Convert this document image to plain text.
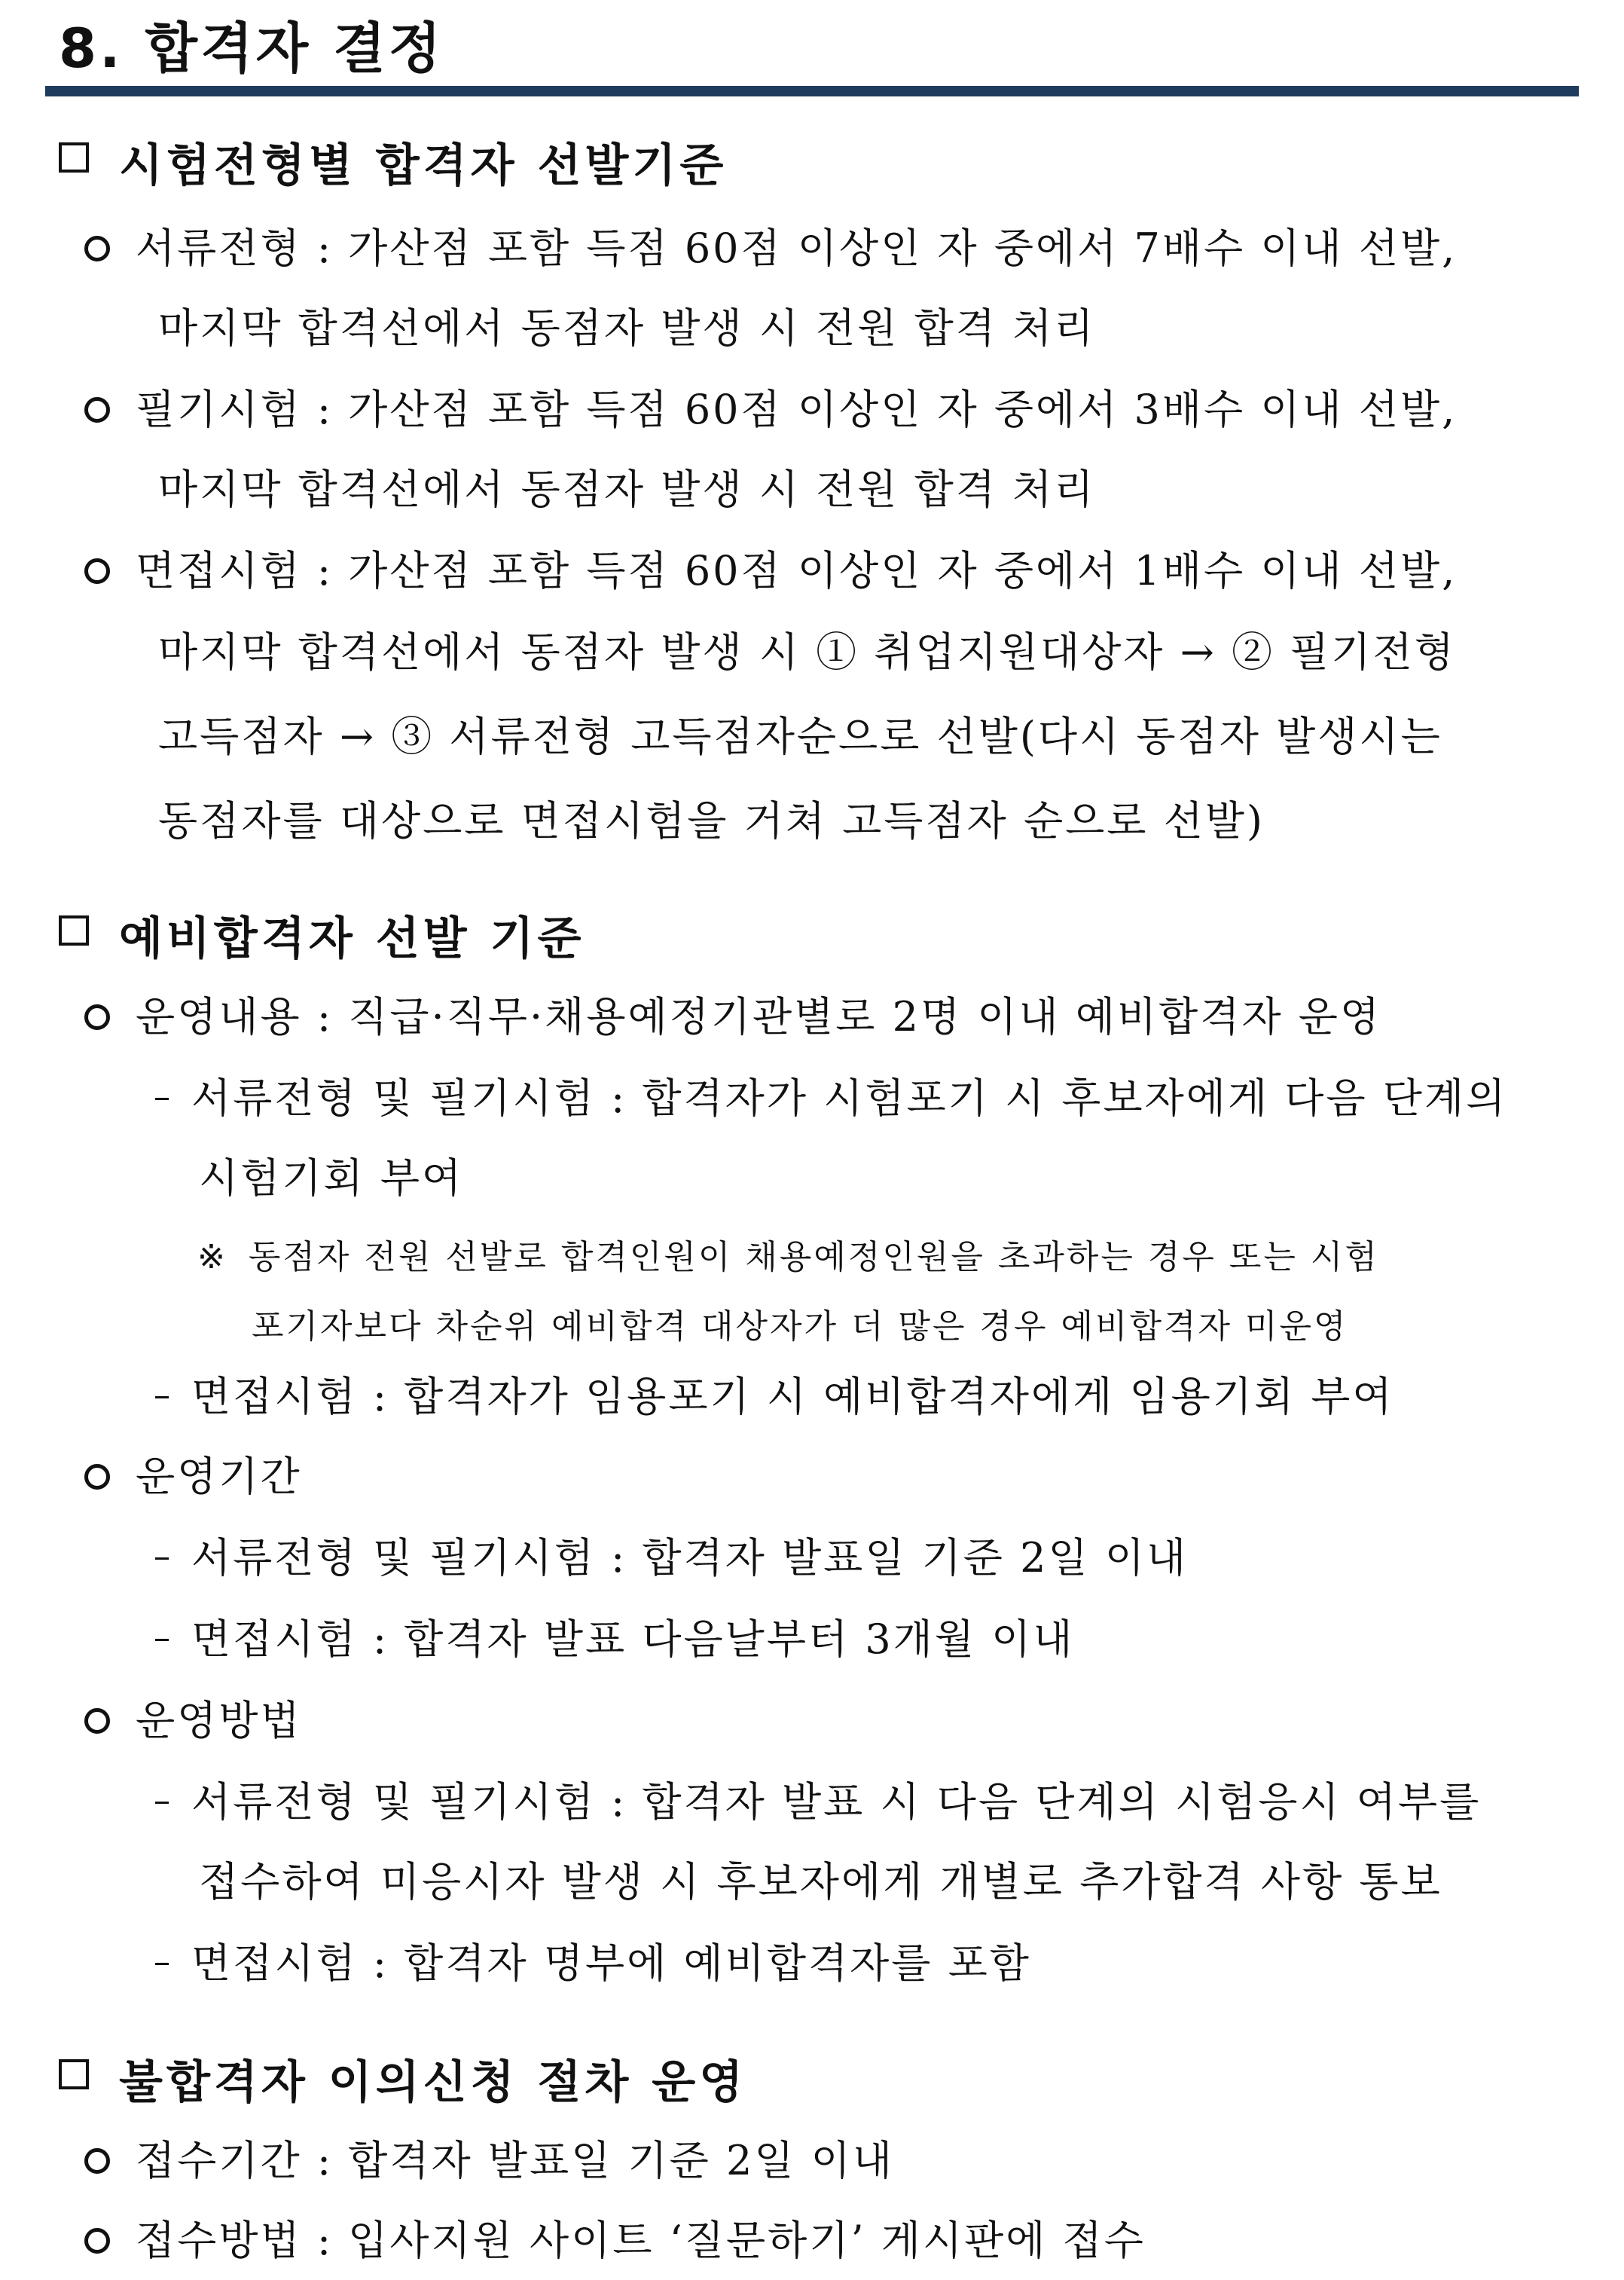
8. 합격자 결정
시험전형별 합격자 선발기준
서류전형 : 가산점 포함 득점 60점 이상인 자 중에서 7배수 이내 선발,
마지막 합격선에서 동점자 발생 시 전원 합격 처리
필기시험 : 가산점 포함 득점 60점 이상인 자 중에서 3배수 이내 선발,
마지막 합격선에서 동점자 발생 시 전원 합격 처리
면접시험 : 가산점 포함 득점 60점 이상인 자 중에서 1배수 이내 선발,
마지막 합격선에서 동점자 발생 시 ① 취업지원대상자 → ② 필기전형
고득점자 → ③ 서류전형 고득점자순으로 선발(다시 동점자 발생시는
동점자를 대상으로 면접시험을 거쳐 고득점자 순으로 선발)
예비합격자 선발 기준
운영내용 : 직급·직무·채용예정기관별로 2명 이내 예비합격자 운영
서류전형 및 필기시험 : 합격자가 시험포기 시 후보자에게 다음 단계의
시험기회 부여
※ 동점자 전원 선발로 합격인원이 채용예정인원을 초과하는 경우 또는 시험
포기자보다 차순위 예비합격 대상자가 더 많은 경우 예비합격자 미운영
면접시험 : 합격자가 임용포기 시 예비합격자에게 임용기회 부여
운영기간
서류전형 및 필기시험 : 합격자 발표일 기준 2일 이내
면접시험 : 합격자 발표 다음날부터 3개월 이내
운영방법
서류전형 및 필기시험 : 합격자 발표 시 다음 단계의 시험응시 여부를
접수하여 미응시자 발생 시 후보자에게 개별로 추가합격 사항 통보
면접시험 : 합격자 명부에 예비합격자를 포함
불합격자 이의신청 절차 운영
접수기간 : 합격자 발표일 기준 2일 이내
접수방법 : 입사지원 사이트 ‘질문하기’ 게시판에 접수
